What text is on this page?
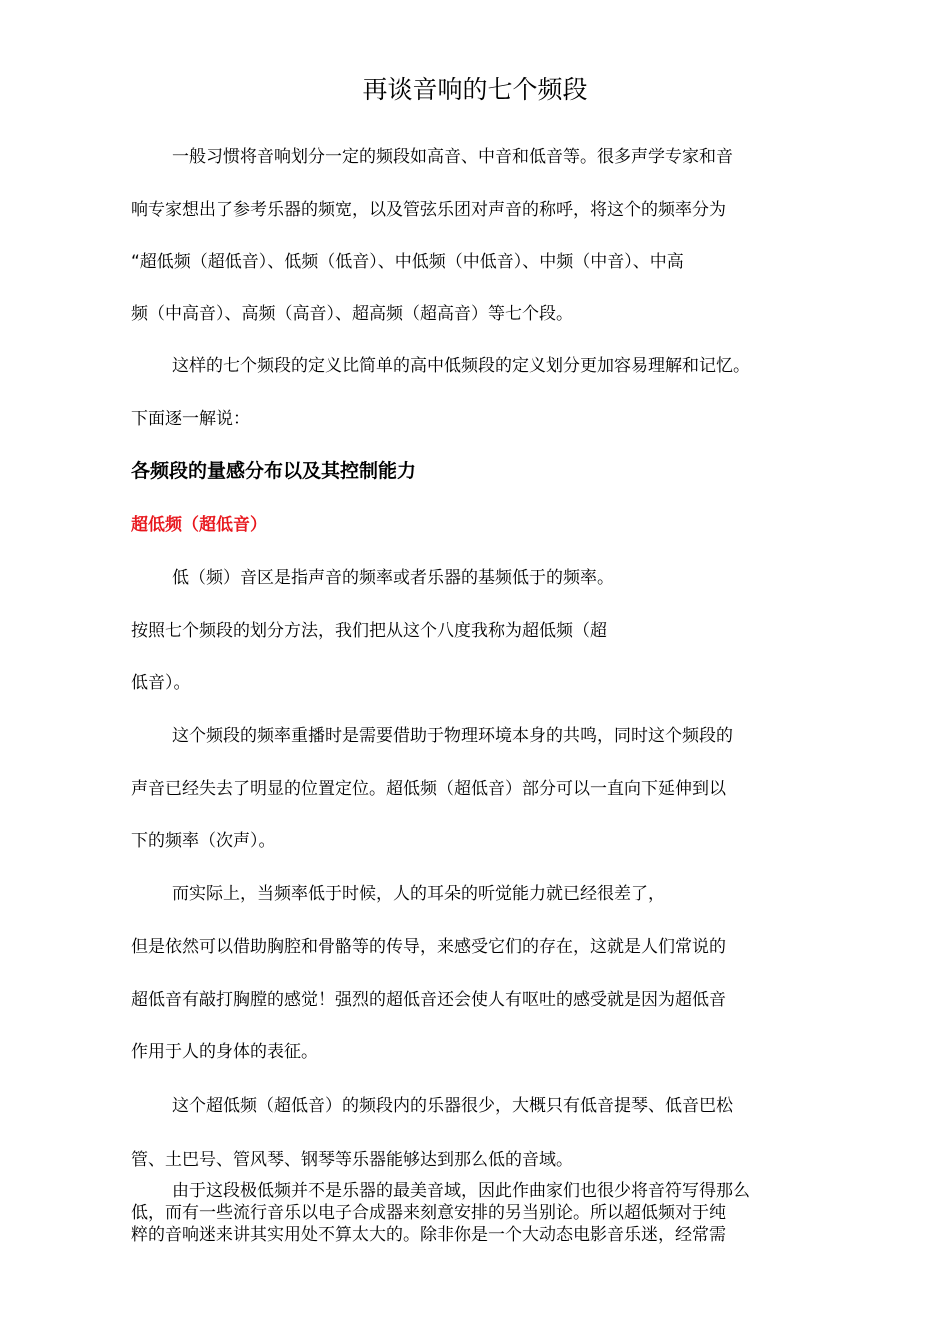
再谈音响的七个频段

一般习惯将音响划分一定的频段如高音、中音和低音等。很多声学专家和音

响专家想出了参考乐器的频宽，以及管弦乐团对声音的称呼，将这个的频率分为

“超低频（超低音）、低频（低音）、中低频（中低音）、中频（中音）、中高

频（中高音）、高频（高音）、超高频（超高音）等七个段。

这样的七个频段的定义比简单的高中低频段的定义划分更加容易理解和记忆。

下面逐一解说：

各频段的量感分布以及其控制能力
超低频（超低音）

低（频）音区是指声音的频率或者乐器的基频低于的频率。

按照七个频段的划分方法，我们把从这个八度我称为超低频（超

低音）。

这个频段的频率重播时是需要借助于物理环境本身的共鸣，同时这个频段的

声音已经失去了明显的位置定位。超低频（超低音）部分可以一直向下延伸到以

下的频率（次声）。

而实际上，当频率低于时候，人的耳朵的听觉能力就已经很差了，

但是依然可以借助胸腔和骨骼等的传导，来感受它们的存在，这就是人们常说的

超低音有敲打胸膛的感觉！强烈的超低音还会使人有呕吐的感受就是因为超低音

作用于人的身体的表征。

这个超低频（超低音）的频段内的乐器很少，大概只有低音提琴、低音巴松

管、土巴号、管风琴、钢琴等乐器能够达到那么低的音域。

由于这段极低频并不是乐器的最美音域，因此作曲家们也很少将音符写得那么

低，而有一些流行音乐以电子合成器来刻意安排的另当别论。所以超低频对于纯

粹的音响迷来讲其实用处不算太大的。除非你是一个大动态电影音乐迷，经常需
